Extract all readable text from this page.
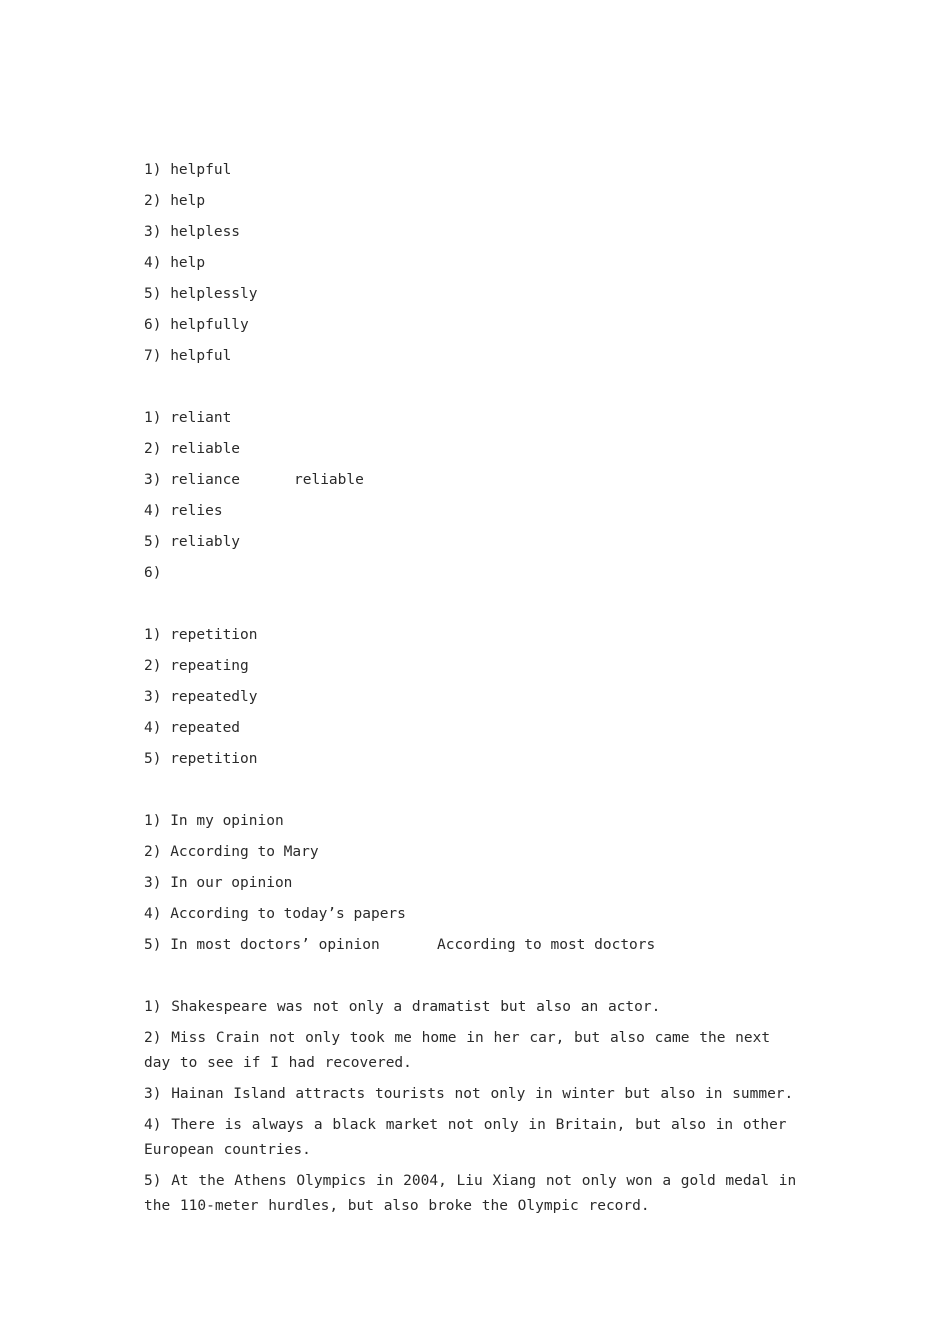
1) helpful
2) help
3) helpless
4) help
5) helplessly
6) helpfully
7) helpful
1) reliant
2) reliable
3) reliance	reliable
4) relies
5) reliably
6)
1) repetition
2) repeating
3) repeatedly
4) repeated
5) repetition
1) In my opinion
2) According to Mary
3) In our opinion
4) According to today’s papers
5) In most doctors’ opinion	According to most doctors
1) Shakespeare was not only a dramatist but also an actor.
2) Miss Crain not only took me home in her car, but also came the next day to see if I had recovered.
3) Hainan Island attracts tourists not only in winter but also in summer.
4) There is always a black market not only in Britain, but also in other European countries.
5) At the Athens Olympics in 2004, Liu Xiang not only won a gold medal in the 110-meter hurdles, but also broke the Olympic record.
